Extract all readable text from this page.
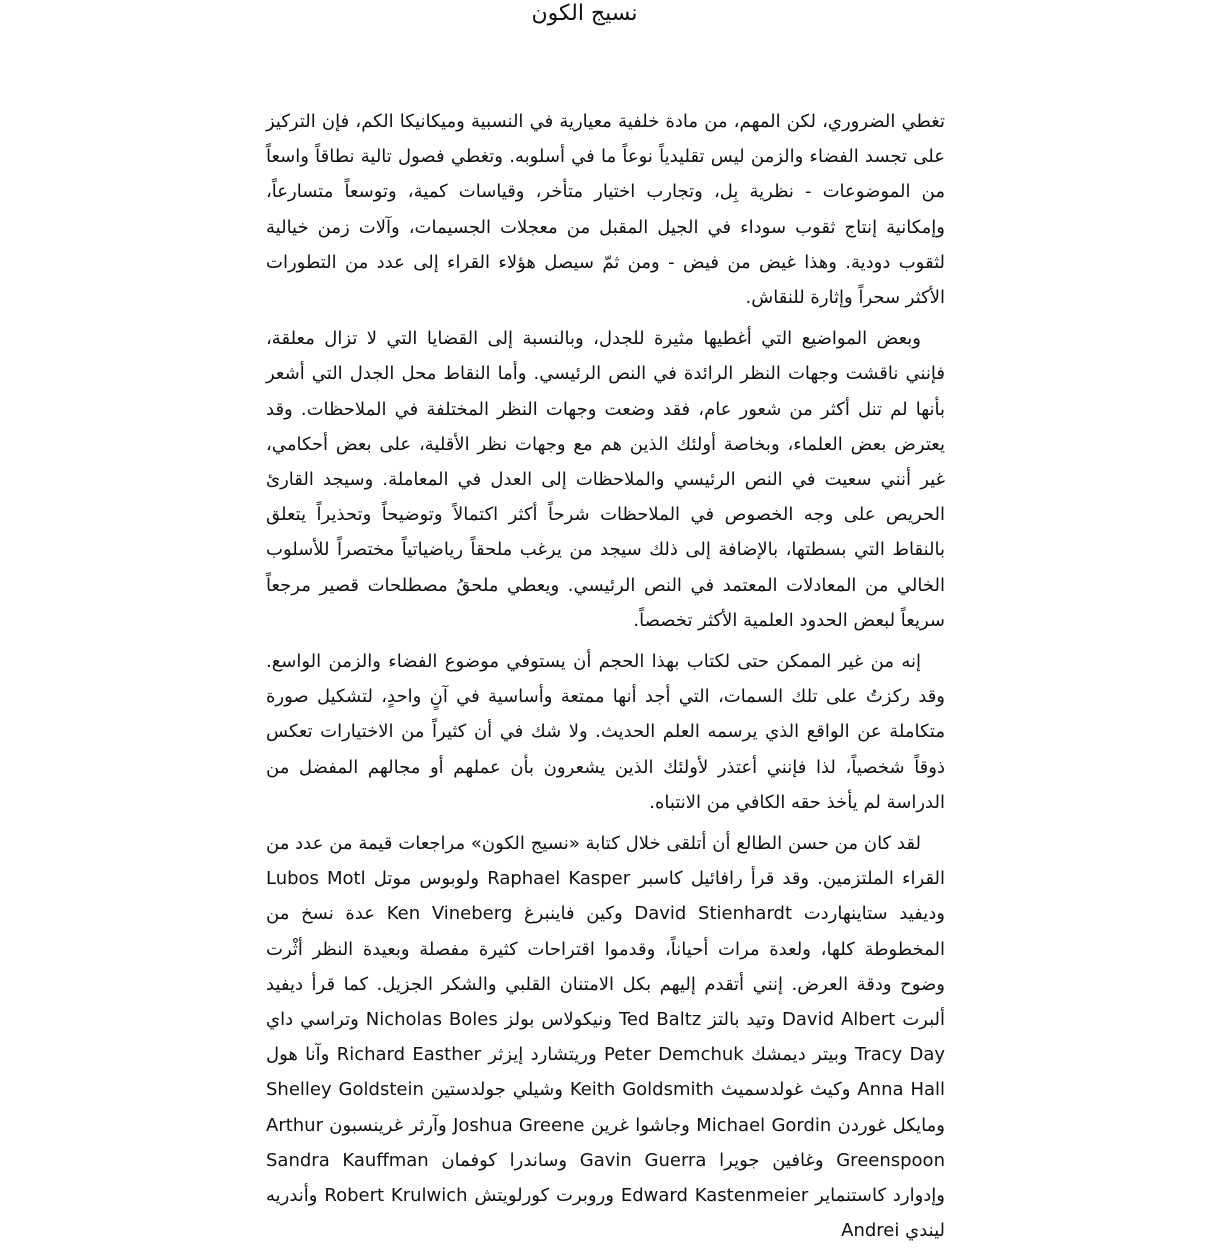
نسيج الكون

تغطي الضروري، لكن المهم، من مادة خلفية معيارية في النسبية وميكانيكا الكم، فإن التركيز على تجسد الفضاء والزمن ليس تقليدياً نوعاً ما في أسلوبه. وتغطي فصول تالية نطاقاً واسعاً من الموضوعات - نظرية بِل، وتجارب اختيار متأخر، وقياسات كمية، وتوسعاً متسارعاً، وإمكانية إنتاج ثقوب سوداء في الجيل المقبل من معجلات الجسيمات، وآلات زمن خيالية لثقوب دودية. وهذا غيض من فيض - ومن ثمّ سيصل هؤلاء القراء إلى عدد من التطورات الأكثر سحراً وإثارة للنقاش.

وبعض المواضيع التي أغطيها مثيرة للجدل، وبالنسبة إلى القضايا التي لا تزال معلقة، فإنني ناقشت وجهات النظر الرائدة في النص الرئيسي. وأما النقاط محل الجدل التي أشعر بأنها لم تنل أكثر من شعور عام، فقد وضعت وجهات النظر المختلفة في الملاحظات. وقد يعترض بعض العلماء، وبخاصة أولئك الذين هم مع وجهات نظر الأقلية، على بعض أحكامي، غير أنني سعيت في النص الرئيسي والملاحظات إلى العدل في المعاملة. وسيجد القارئ الحريص على وجه الخصوص في الملاحظات شرحاً أكثر اكتمالاً وتوضيحاً وتحذيراً يتعلق بالنقاط التي بسطتها، بالإضافة إلى ذلك سيجد من يرغب ملحقاً رياضياتياً مختصراً للأسلوب الخالي من المعادلات المعتمد في النص الرئيسي. ويعطي ملحقُ مصطلحات قصير مرجعاً سريعاً لبعض الحدود العلمية الأكثر تخصصاً.

إنه من غير الممكن حتى لكتاب بهذا الحجم أن يستوفي موضوع الفضاء والزمن الواسع. وقد ركزتُ على تلك السمات، التي أجد أنها ممتعة وأساسية في آنٍ واحدٍ، لتشكيل صورة متكاملة عن الواقع الذي يرسمه العلم الحديث. ولا شك في أن كثيراً من الاختيارات تعكس ذوقاً شخصياً، لذا فإنني أعتذر لأولئك الذين يشعرون بأن عملهم أو مجالهم المفضل من الدراسة لم يأخذ حقه الكافي من الانتباه.

لقد كان من حسن الطالع أن أتلقى خلال كتابة «نسيج الكون» مراجعات قيمة من عدد من القراء الملتزمين. وقد قرأ رافائيل كاسبر Raphael Kasper ولوبوس موتل Lubos Motl وديفيد ستاينهاردت David Stienhardt وكين فاينبرغ Ken Vineberg عدة نسخ من المخطوطة كلها، ولعدة مرات أحياناً، وقدموا اقتراحات كثيرة مفصلة وبعيدة النظر أثْرت وضوح ودقة العرض. إنني أتقدم إليهم بكل الامتنان القلبي والشكر الجزيل. كما قرأ ديفيد ألبرت David Albert وتيد بالتز Ted Baltz ونيكولاس بولز Nicholas Boles وتراسي داي Tracy Day وبيتر ديمشك Peter Demchuk وريتشارد إيزثر Richard Easther وآنا هول Anna Hall وكيث غولدسميث Keith Goldsmith وشيلي جولدستين Shelley Goldstein ومايكل غوردن Michael Gordin وجاشوا غرين Joshua Greene وآرثر غرينسبون Arthur Greenspoon وغافين جويرا Gavin Guerra وساندرا كوفمان Sandra Kauffman وإدوارد كاستنماير Edward Kastenmeier وروبرت كورلويتش Robert Krulwich وأندريه ليندي Andrei
